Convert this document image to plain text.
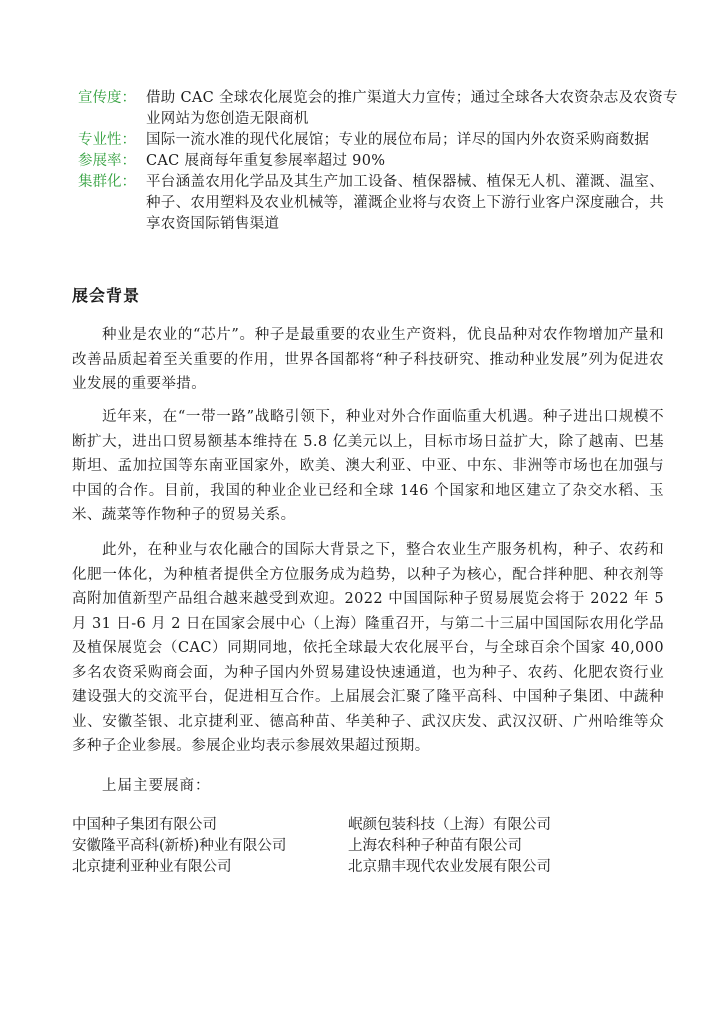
宣传度： 借助 CAC 全球农化展览会的推广渠道大力宣传；通过全球各大农资杂志及农资专业网站为您创造无限商机
专业性： 国际一流水准的现代化展馆；专业的展位布局；详尽的国内外农资采购商数据
参展率： CAC 展商每年重复参展率超过 90%
集群化： 平台涵盖农用化学品及其生产加工设备、植保器械、植保无人机、灌溉、温室、种子、农用塑料及农业机械等，灌溉企业将与农资上下游行业客户深度融合，共享农资国际销售渠道
展会背景

种业是农业的“芯片”。种子是最重要的农业生产资料，优良品种对农作物增加产量和改善品质起着至关重要的作用，世界各国都将“种子科技研究、推动种业发展”列为促进农业发展的重要举措。

近年来，在“一带一路”战略引领下，种业对外合作面临重大机遇。种子进出口规模不断扩大，进出口贸易额基本维持在 5.8 亿美元以上，目标市场日益扩大，除了越南、巴基斯坦、孟加拉国等东南亚国家外，欧美、澳大利亚、中亚、中东、非洲等市场也在加强与中国的合作。目前，我国的种业企业已经和全球 146 个国家和地区建立了杂交水稻、玉米、蔬菜等作物种子的贸易关系。

此外，在种业与农化融合的国际大背景之下，整合农业生产服务机构，种子、农药和化肥一体化，为种植者提供全方位服务成为趋势，以种子为核心，配合拌种肥、种衣剂等高附加值新型产品组合越来越受到欢迎。2022 中国国际种子贸易展览会将于 2022 年 5 月 31 日-6 月 2 日在国家会展中心（上海）隆重召开，与第二十三届中国国际农用化学品及植保展览会（CAC）同期同地，依托全球最大农化展平台，与全球百余个国家 40,000 多名农资采购商会面，为种子国内外贸易建设快速通道，也为种子、农药、化肥农资行业建设强大的交流平台，促进相互合作。上届展会汇聚了隆平高科、中国种子集团、中蔬种业、安徽荃银、北京捷利亚、德高种苗、华美种子、武汉庆发、武汉汉研、广州哈维等众多种子企业参展。参展企业均表示参展效果超过预期。

上届主要展商：

中国种子集团有限公司	岷颜包装科技（上海）有限公司
安徽隆平高科(新桥)种业有限公司	上海农科种子种苗有限公司
北京捷利亚种业有限公司	北京鼎丰现代农业发展有限公司
